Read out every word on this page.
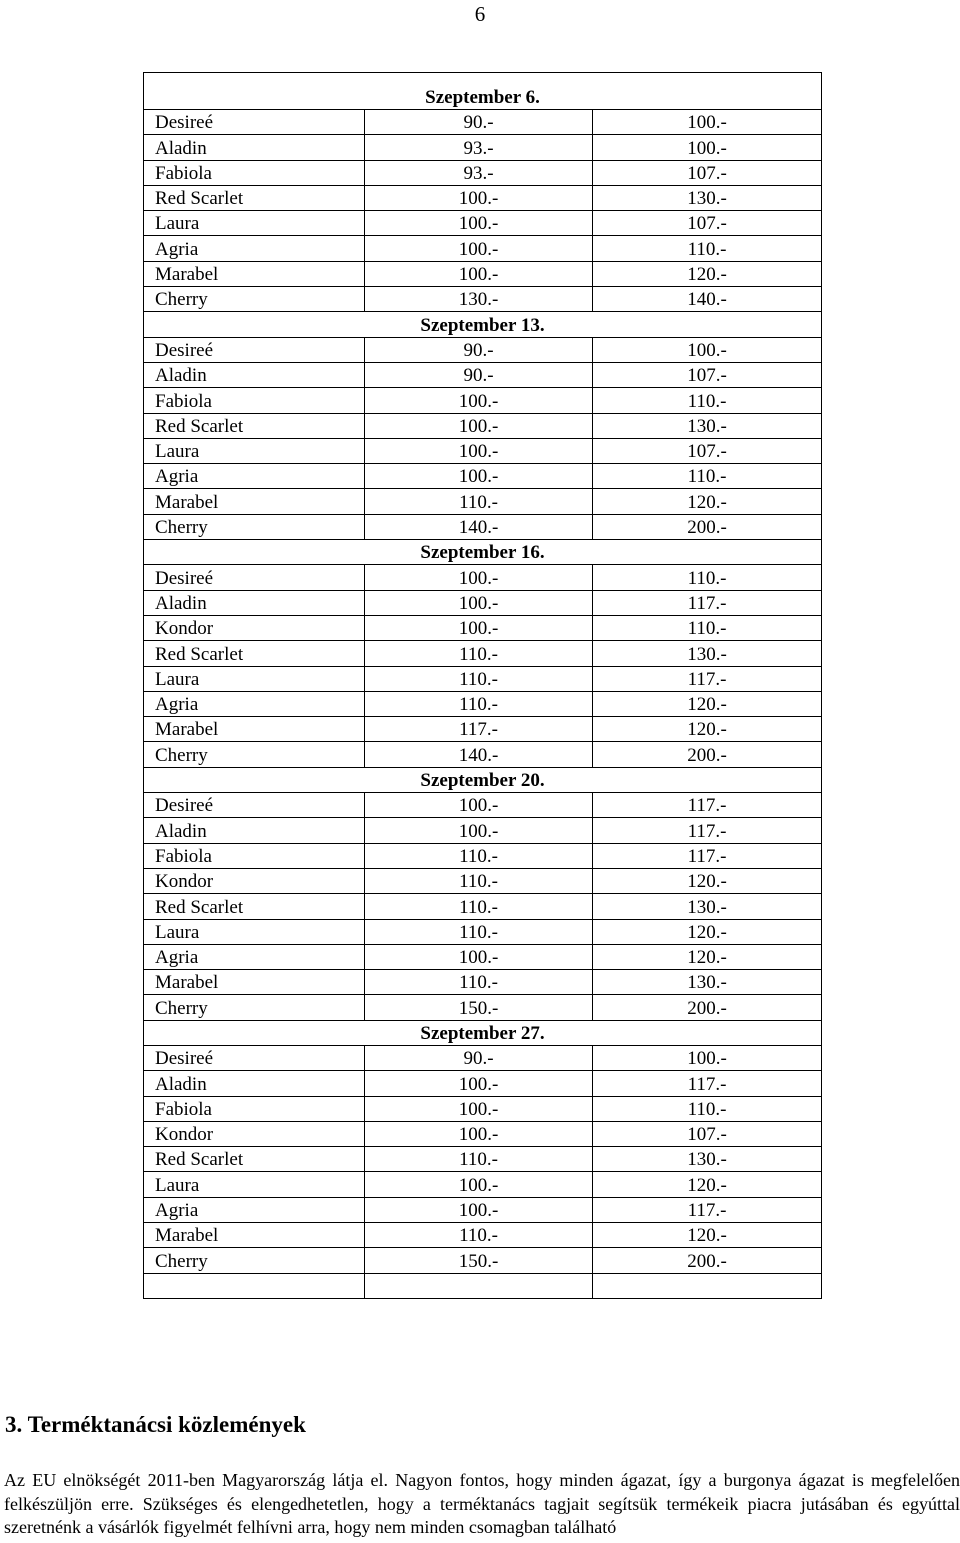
6
Szeptember 6.		
Desireé	90.-	100.-
Aladin	93.-	100.-
Fabiola	93.-	107.-
Red Scarlet	100.-	130.-
Laura	100.-	107.-
Agria	100.-	110.-
Marabel	100.-	120.-
Cherry	130.-	140.-
Szeptember 13.		
Desireé	90.-	100.-
Aladin	90.-	107.-
Fabiola	100.-	110.-
Red Scarlet	100.-	130.-
Laura	100.-	107.-
Agria	100.-	110.-
Marabel	110.-	120.-
Cherry	140.-	200.-
Szeptember 16.		
Desireé	100.-	110.-
Aladin	100.-	117.-
Kondor	100.-	110.-
Red Scarlet	110.-	130.-
Laura	110.-	117.-
Agria	110.-	120.-
Marabel	117.-	120.-
Cherry	140.-	200.-
Szeptember 20.		
Desireé	100.-	117.-
Aladin	100.-	117.-
Fabiola	110.-	117.-
Kondor	110.-	120.-
Red Scarlet	110.-	130.-
Laura	110.-	120.-
Agria	100.-	120.-
Marabel	110.-	130.-
Cherry	150.-	200.-
Szeptember 27.		
Desireé	90.-	100.-
Aladin	100.-	117.-
Fabiola	100.-	110.-
Kondor	100.-	107.-
Red Scarlet	110.-	130.-
Laura	100.-	120.-
Agria	100.-	117.-
Marabel	110.-	120.-
Cherry	150.-	200.-

3. Terméktanácsi közlemények

Az EU elnökségét 2011-ben Magyarország látja el. Nagyon fontos, hogy minden ágazat, így a burgonya ágazat is megfelelően felkészüljön erre. Szükséges és elengedhetetlen, hogy a terméktanács tagjait segítsük termékeik piacra jutásában és egyúttal szeretnénk a vásárlók figyelmét felhívni arra, hogy nem minden csomagban található
